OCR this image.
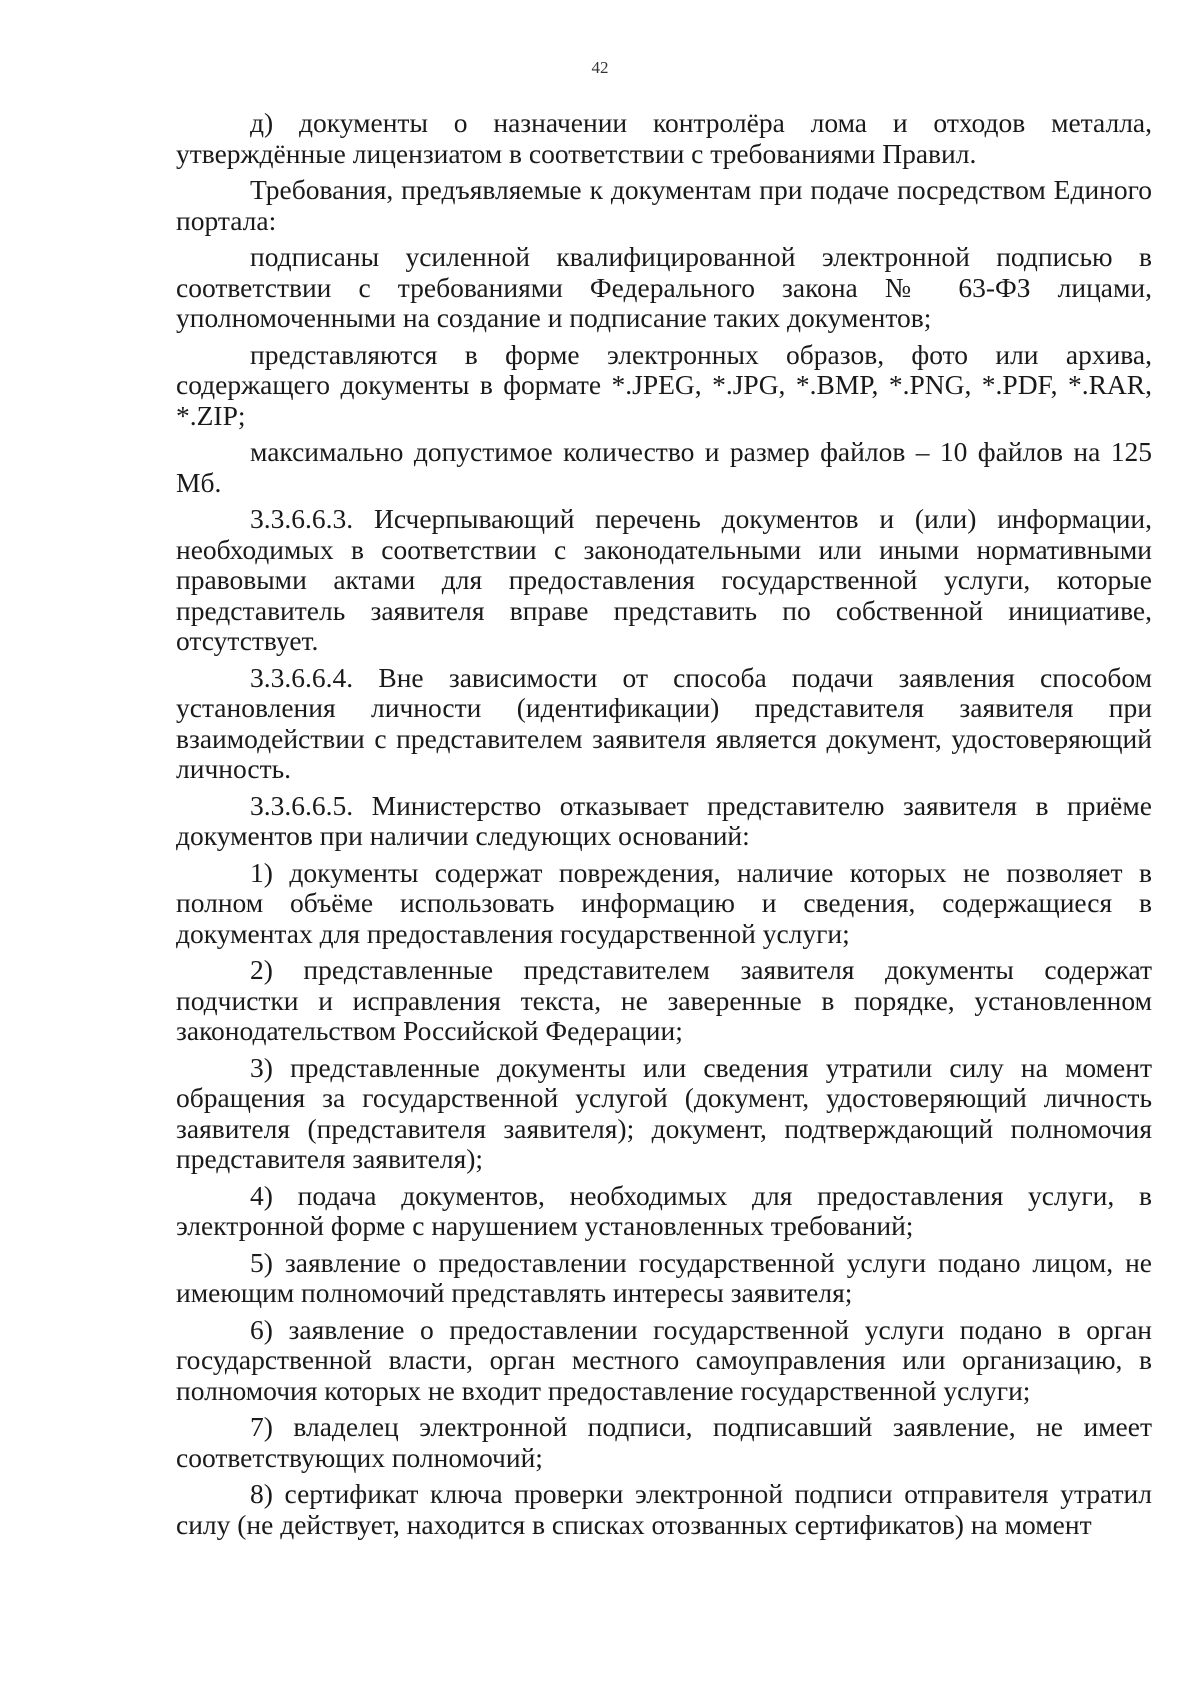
42

д) документы о назначении контролёра лома и отходов металла, утверждённые лицензиатом в соответствии с требованиями Правил.

Требования, предъявляемые к документам при подаче посредством Единого портала:

подписаны усиленной квалифицированной электронной подписью в соответствии с требованиями Федерального закона № 63-ФЗ лицами, уполномоченными на создание и подписание таких документов;

представляются в форме электронных образов, фото или архива, содержащего документы в формате *.JPEG, *.JPG, *.BMP, *.PNG, *.PDF, *.RAR, *.ZIP;

максимально допустимое количество и размер файлов – 10 файлов на 125 Мб.

3.3.6.6.3. Исчерпывающий перечень документов и (или) информации, необходимых в соответствии с законодательными или иными нормативными правовыми актами для предоставления государственной услуги, которые представитель заявителя вправе представить по собственной инициативе, отсутствует.

3.3.6.6.4. Вне зависимости от способа подачи заявления способом установления личности (идентификации) представителя заявителя при взаимодействии с представителем заявителя является документ, удостоверяющий личность.

3.3.6.6.5. Министерство отказывает представителю заявителя в приёме документов при наличии следующих оснований:

1) документы содержат повреждения, наличие которых не позволяет в полном объёме использовать информацию и сведения, содержащиеся в документах для предоставления государственной услуги;

2) представленные представителем заявителя документы содержат подчистки и исправления текста, не заверенные в порядке, установленном законодательством Российской Федерации;

3) представленные документы или сведения утратили силу на момент обращения за государственной услугой (документ, удостоверяющий личность заявителя (представителя заявителя); документ, подтверждающий полномочия представителя заявителя);

4) подача документов, необходимых для предоставления услуги, в электронной форме с нарушением установленных требований;

5) заявление о предоставлении государственной услуги подано лицом, не имеющим полномочий представлять интересы заявителя;

6) заявление о предоставлении государственной услуги подано в орган государственной власти, орган местного самоуправления или организацию, в полномочия которых не входит предоставление государственной услуги;

7) владелец электронной подписи, подписавший заявление, не имеет соответствующих полномочий;

8) сертификат ключа проверки электронной подписи отправителя утратил силу (не действует, находится в списках отозванных сертификатов) на момент
